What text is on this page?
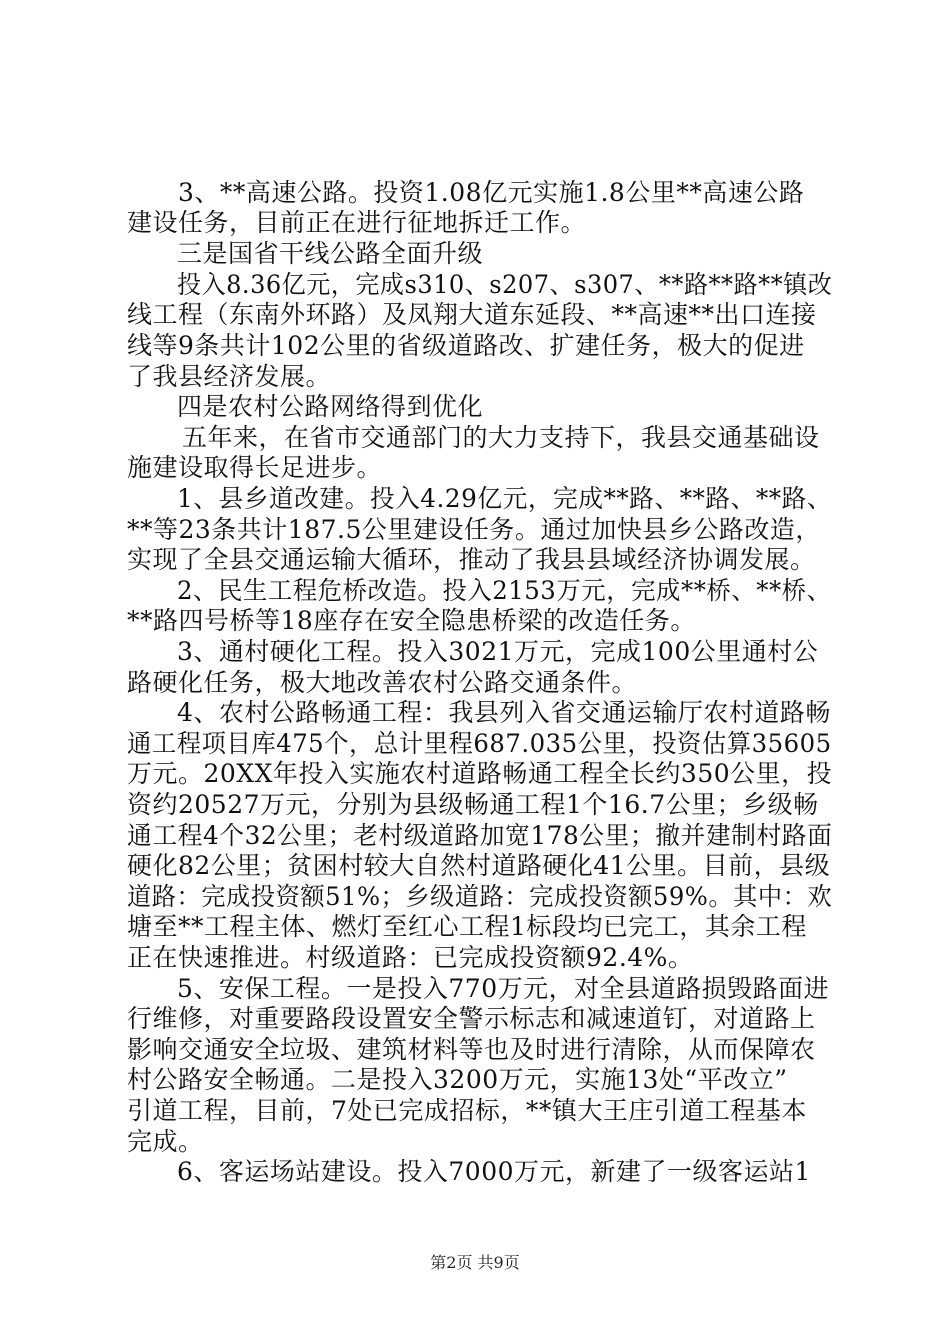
3、**高速公路。投资1.08亿元实施1.8公里**高速公路
建设任务，目前正在进行征地拆迁工作。
三是国省干线公路全面升级
投入8.36亿元，完成s310、s207、s307、**路**路**镇改
线工程（东南外环路）及凤翔大道东延段、**高速**出口连接
线等9条共计102公里的省级道路改、扩建任务，极大的促进
了我县经济发展。
四是农村公路网络得到优化
五年来，在省市交通部门的大力支持下，我县交通基础设
施建设取得长足进步。
1、县乡道改建。投入4.29亿元，完成**路、**路、**路、
**等23条共计187.5公里建设任务。通过加快县乡公路改造，
实现了全县交通运输大循环，推动了我县县域经济协调发展。
2、民生工程危桥改造。投入2153万元，完成**桥、**桥、
**路四号桥等18座存在安全隐患桥梁的改造任务。
3、通村硬化工程。投入3021万元，完成100公里通村公
路硬化任务，极大地改善农村公路交通条件。
4、农村公路畅通工程：我县列入省交通运输厅农村道路畅
通工程项目库475个，总计里程687.035公里，投资估算35605
万元。20XX年投入实施农村道路畅通工程全长约350公里，投
资约20527万元，分别为县级畅通工程1个16.7公里；乡级畅
通工程4个32公里；老村级道路加宽178公里；撤并建制村路面
硬化82公里；贫困村较大自然村道路硬化41公里。目前，县级
道路：完成投资额51%；乡级道路：完成投资额59%。其中：欢
塘至**工程主体、燃灯至红心工程1标段均已完工，其余工程
正在快速推进。村级道路：已完成投资额92.4%。
5、安保工程。一是投入770万元，对全县道路损毁路面进
行维修，对重要路段设置安全警示标志和减速道钉，对道路上
影响交通安全垃圾、建筑材料等也及时进行清除，从而保障农
村公路安全畅通。二是投入3200万元，实施13处“平改立”
引道工程，目前，7处已完成招标，**镇大王庄引道工程基本
完成。
6、客运场站建设。投入7000万元，新建了一级客运站1
第2页 共9页
